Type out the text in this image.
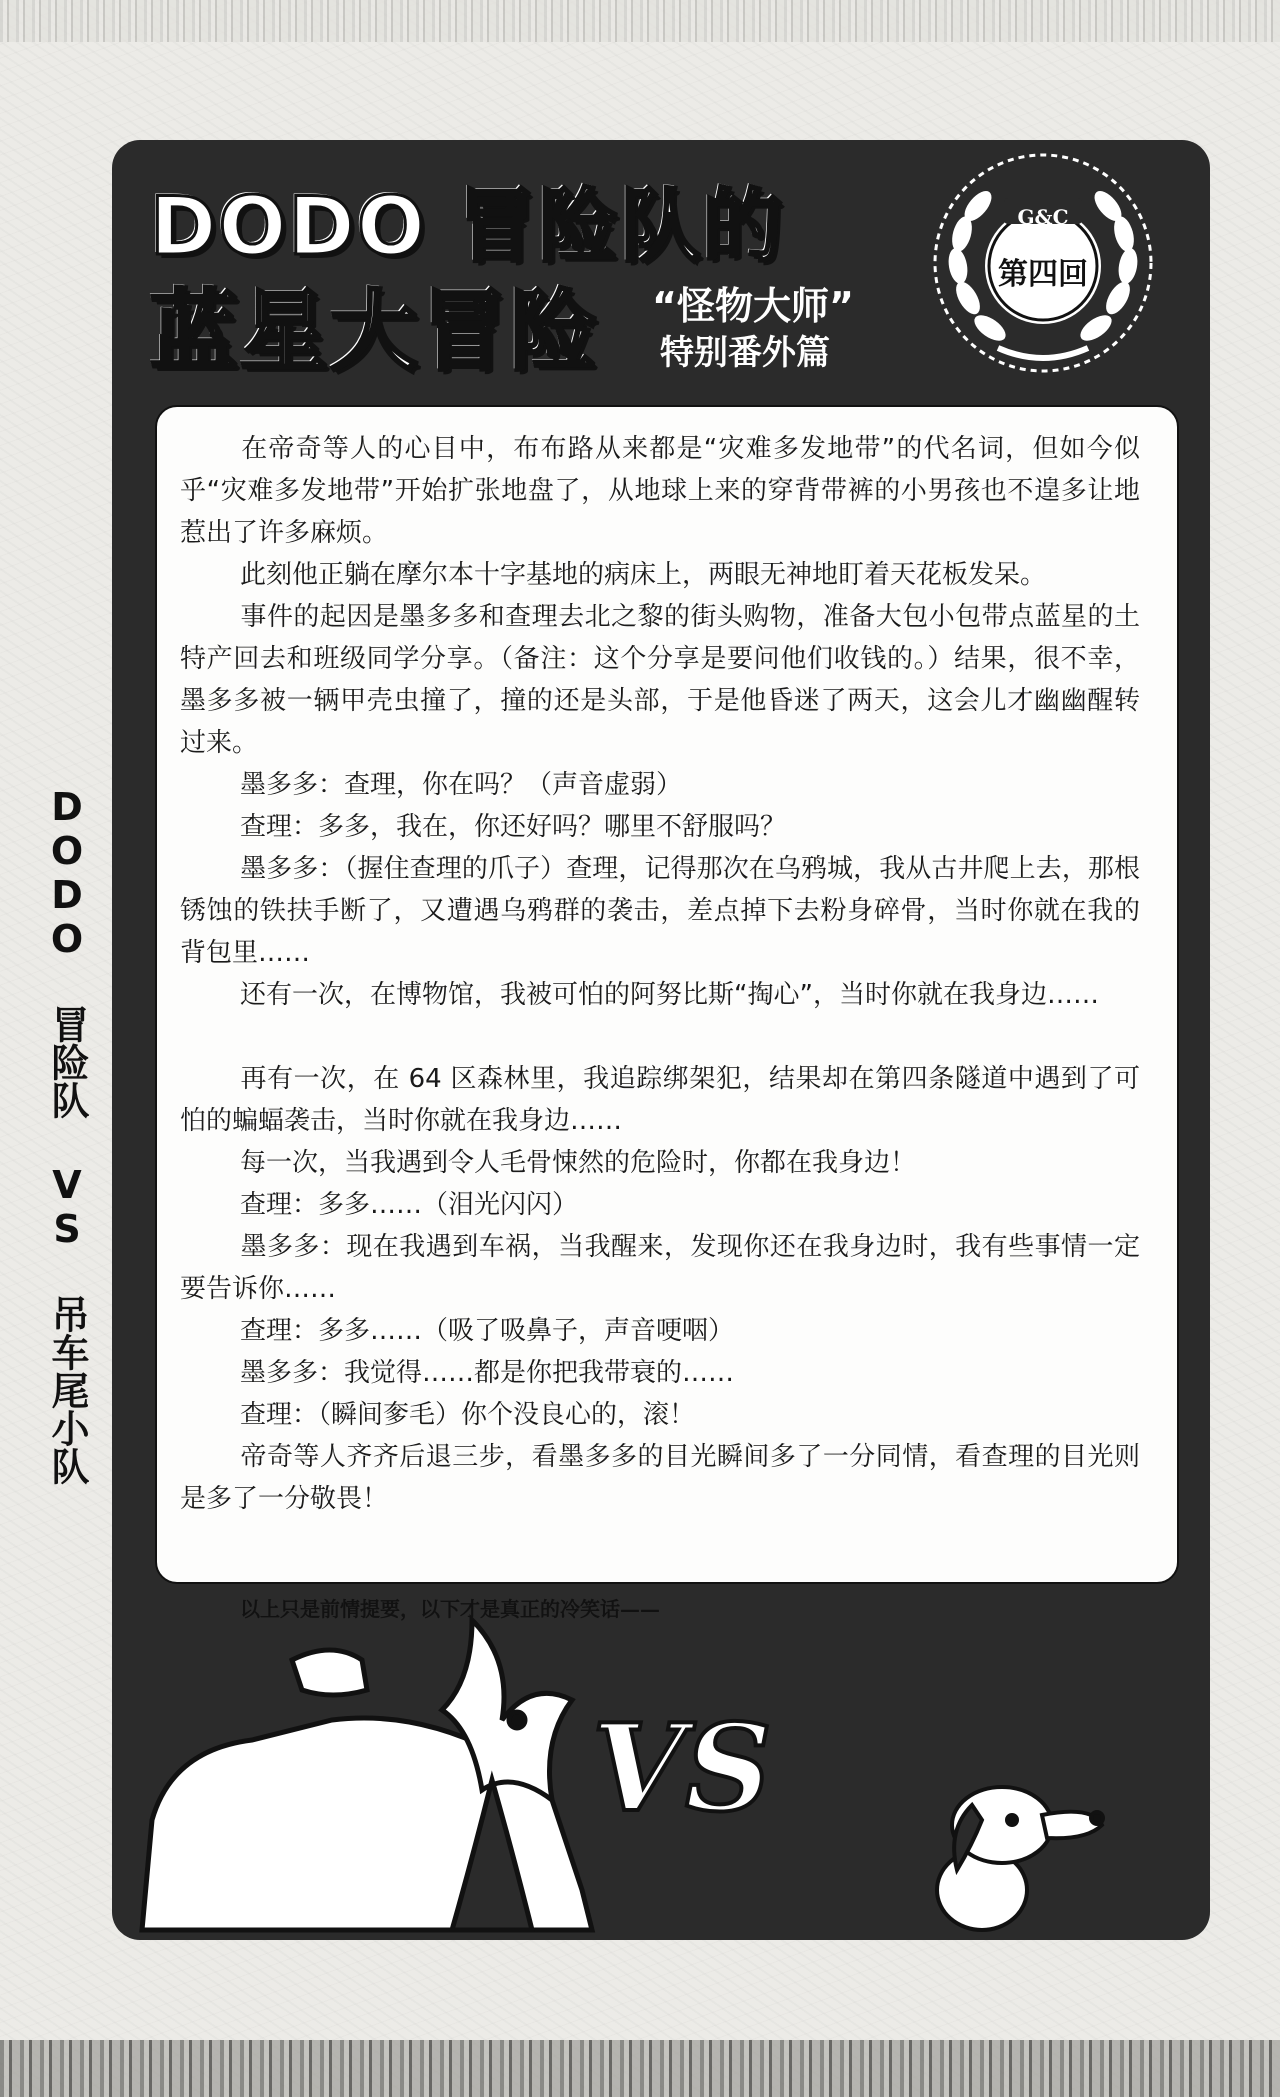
DODO 冒险队 VS 吊车尾小队
DODO 冒险队的
蓝星大冒险 “怪物大师”
特别番外篇
G&C
第四回

在帝奇等人的心目中，布布路从来都是“灾难多发地带”的代名词，但如今似乎“灾难多发地带”开始扩张地盘了，从地球上来的穿背带裤的小男孩也不遑多让地惹出了许多麻烦。

此刻他正躺在摩尔本十字基地的病床上，两眼无神地盯着天花板发呆。

事件的起因是墨多多和查理去北之黎的街头购物，准备大包小包带点蓝星的土特产回去和班级同学分享。（备注：这个分享是要问他们收钱的。）结果，很不幸，墨多多被一辆甲壳虫撞了，撞的还是头部，于是他昏迷了两天，这会儿才幽幽醒转过来。

墨多多：查理，你在吗？（声音虚弱）

查理：多多，我在，你还好吗？哪里不舒服吗？

墨多多：（握住查理的爪子）查理，记得那次在乌鸦城，我从古井爬上去，那根锈蚀的铁扶手断了，又遭遇乌鸦群的袭击，差点掉下去粉身碎骨，当时你就在我的背包里……

还有一次，在博物馆，我被可怕的阿努比斯“掏心”，当时你就在我身边……

再有一次，在 64 区森林里，我追踪绑架犯，结果却在第四条隧道中遇到了可怕的蝙蝠袭击，当时你就在我身边……

每一次，当我遇到令人毛骨悚然的危险时，你都在我身边！

查理：多多……（泪光闪闪）

墨多多：现在我遇到车祸，当我醒来，发现你还在我身边时，我有些事情一定要告诉你……

查理：多多……（吸了吸鼻子，声音哽咽）

墨多多：我觉得……都是你把我带衰的……

查理：（瞬间奓毛）你个没良心的，滚！

帝奇等人齐齐后退三步，看墨多多的目光瞬间多了一分同情，看查理的目光则是多了一分敬畏！

以上只是前情提要，以下才是真正的冷笑话——
VS
